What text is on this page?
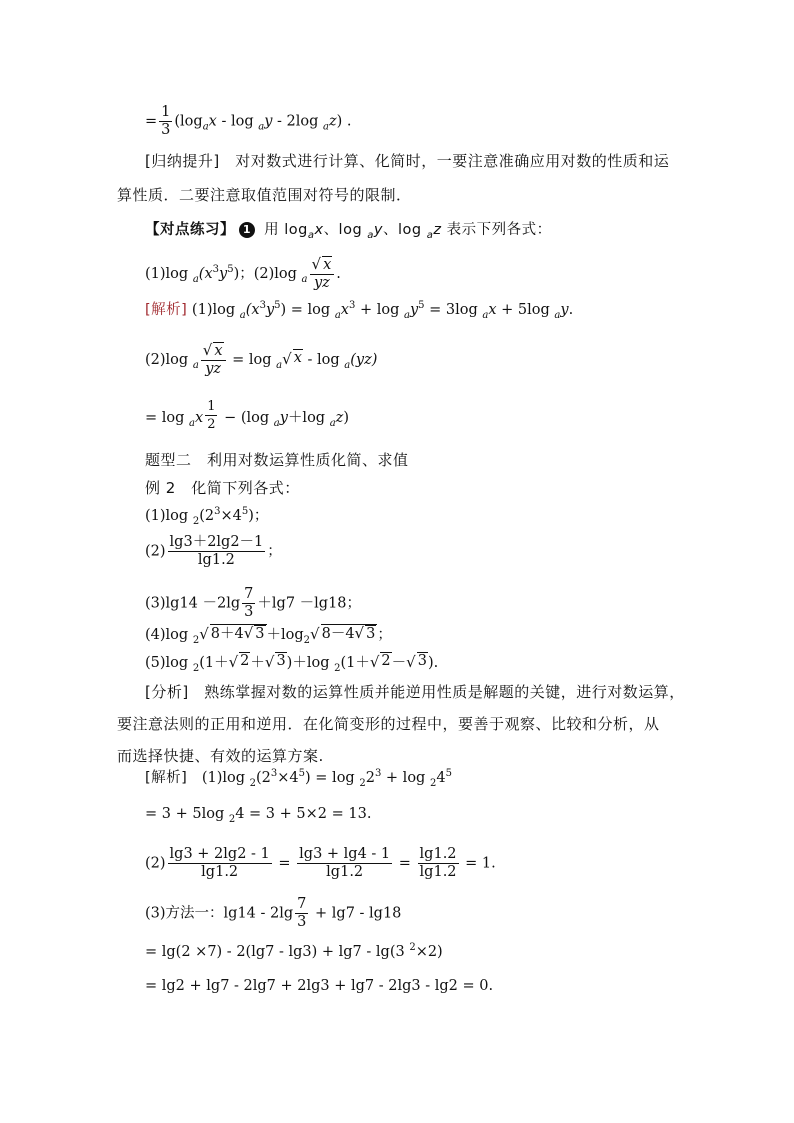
= $\frac{1}{3} (\log_ax$ - log $_a$y - 2log $_a$z) .
[归纳提升]　对对数式进行计算、化简时，一要注意准确应用对数的性质和运
算性质．二要注意取值范围对符号的限制．
【对点练习】 1 用 $\log_ax$、log $_a$y、log $_a$z 表示下列各式：
(1)log $_a(x^3y^5)$；(2)log $_a \frac{√ x}{yz}$ .
[解析] (1)log $_a(x^3y^5) = \log _ax^3 + \log _ay^5 = 3\log$ $_a$x + 5log $_a$y.
(2)log $_a \frac{√ x}{yz} = \log _a$ √ x - log $_a$(yz)
= $\log _ax \frac{1}{2} - (\log$ $_a$y＋log $_a$z)
题型二　利用对数运算性质化简、求值
例 2　化简下列各式：
(1)log $_2(2^3\times 4^5)$；
$(2) \frac{\lg 3+2\lg 2-1}{\lg 1.2}$ ；
$(3)\lg 14 -2\lg \frac{7}{3} +\lg 7 -\lg 18$；
(4)log $_2$ √ 8＋4 √ $3 +\log_2$ √ 8－4 √ 3 ；
(5)log $_2$(1＋ √ 2 ＋ √ 3 )＋log $_2$(1＋ √ 2 － √ 3 ).
[分析]　熟练掌握对数的运算性质并能逆用性质是解题的关键，进行对数运算，
要注意法则的正用和逆用．在化简变形的过程中，要善于观察、比较和分析，从
而选择快捷、有效的运算方案.
[解析]　(1)log $_2(2^3\times 4^5) = \log _22^3 + \log _24^5$
= 3 + 5log $_2$4 = 3 + 5×2 = 13.
$(2) \frac{\lg 3 + 2\lg 2 - 1}{\lg 1.2} = \frac{\lg 3 + \lg 4 - 1}{\lg 1.2} = \frac{\lg 1.2}{\lg 1.2} = 1$.
(3)方法一：$\lg 14 - 2\lg \frac{7}{3} + \lg 7 - \lg 18$
= lg(2 ×7) - 2(lg7 - lg3) + lg7 - lg(3 $^2$×2)
= lg2 + lg7 - 2lg7 + 2lg3 + lg7 - 2lg3 - lg2 = 0.
